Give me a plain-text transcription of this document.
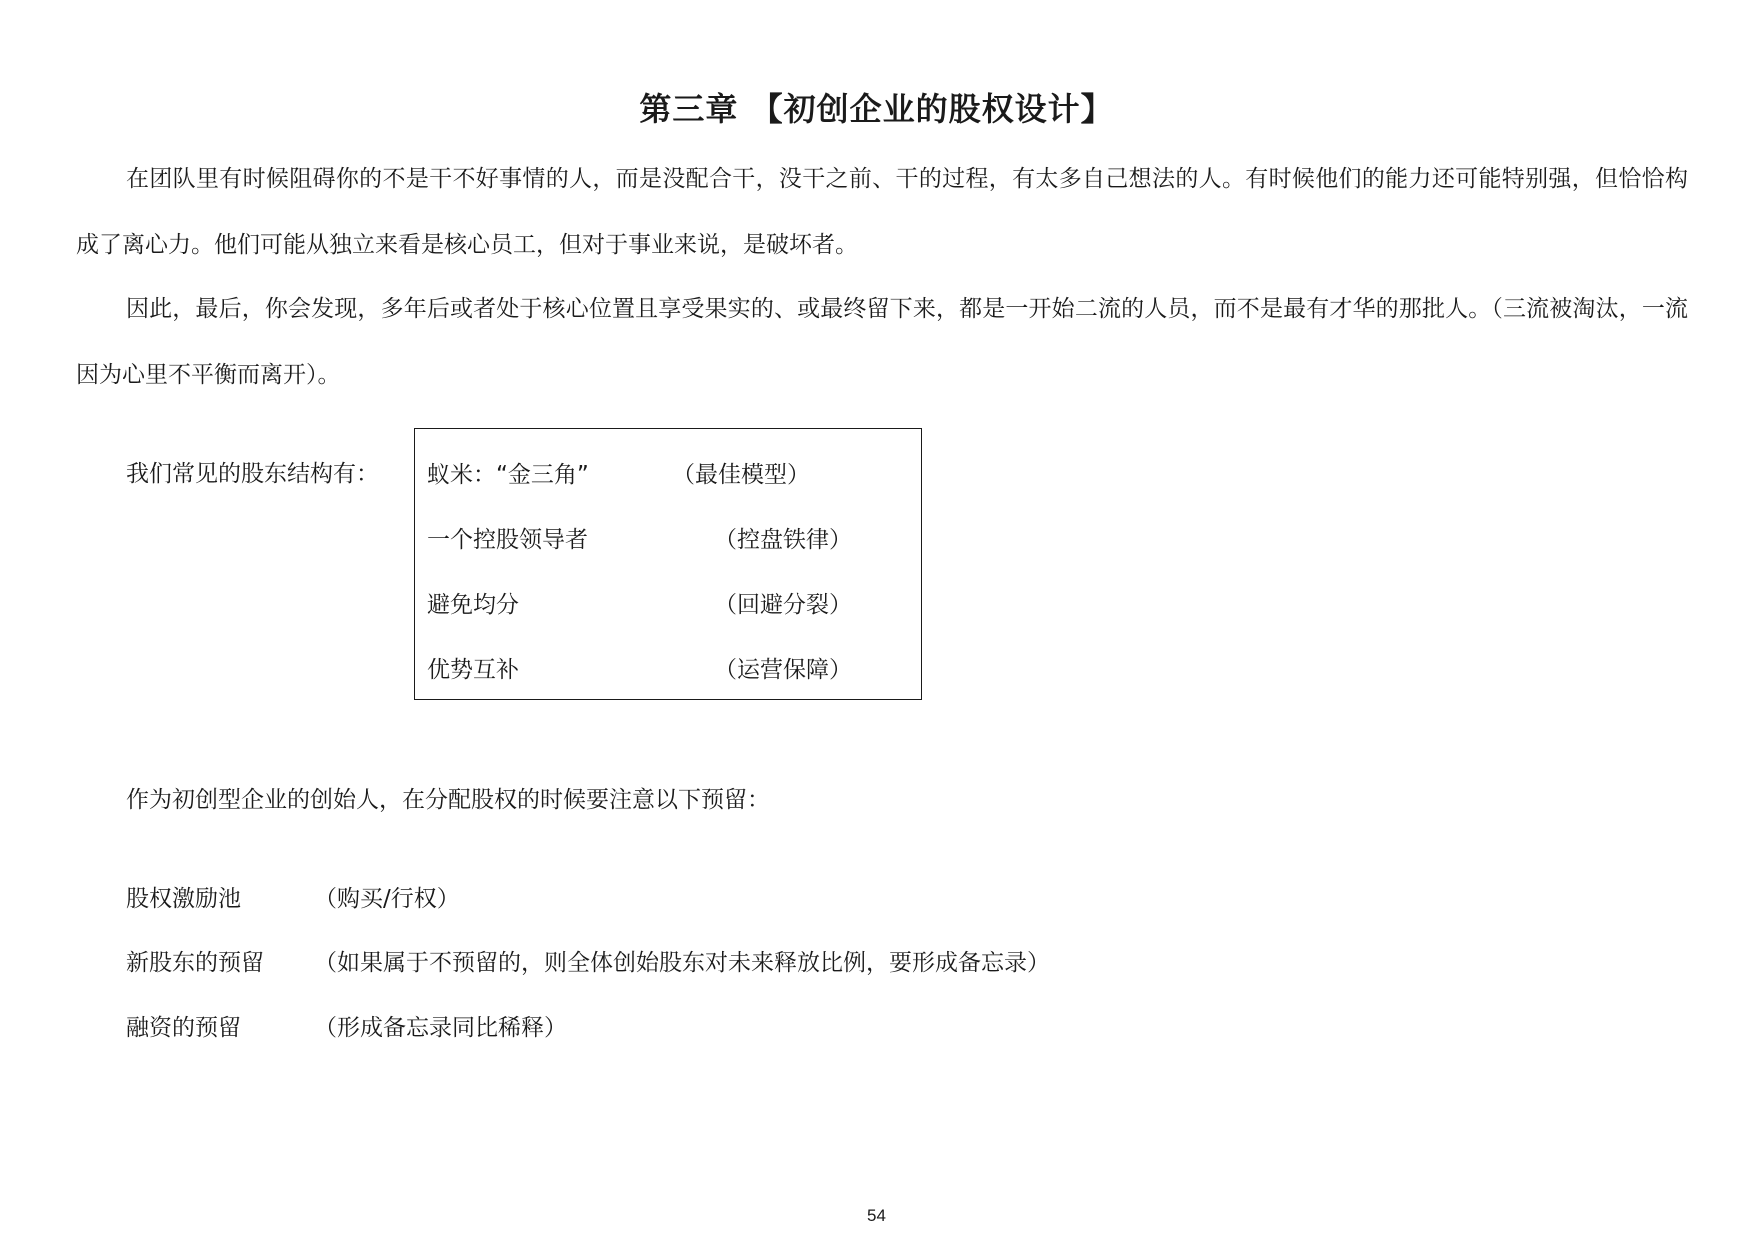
第三章 【初创企业的股权设计】

在团队里有时候阻碍你的不是干不好事情的人，而是没配合干，没干之前、干的过程，有太多自己想法的人。有时候他们的能力还可能特别强，但恰恰构成了离心力。他们可能从独立来看是核心员工，但对于事业来说，是破坏者。

因此，最后，你会发现，多年后或者处于核心位置且享受果实的、或最终留下来，都是一开始二流的人员，而不是最有才华的那批人。（三流被淘汰，一流因为心里不平衡而离开）。

我们常见的股东结构有： 蚁米：“金三角”	（最佳模型）
一个控股领导者	（控盘铁律）
避免均分	（回避分裂）
优势互补	（运营保障）
作为初创型企业的创始人，在分配股权的时候要注意以下预留：
股权激励池	（购买/行权）
新股东的预留 （如果属于不预留的，则全体创始股东对未来释放比例，要形成备忘录）
融资的预留	（形成备忘录同比稀释）
54
